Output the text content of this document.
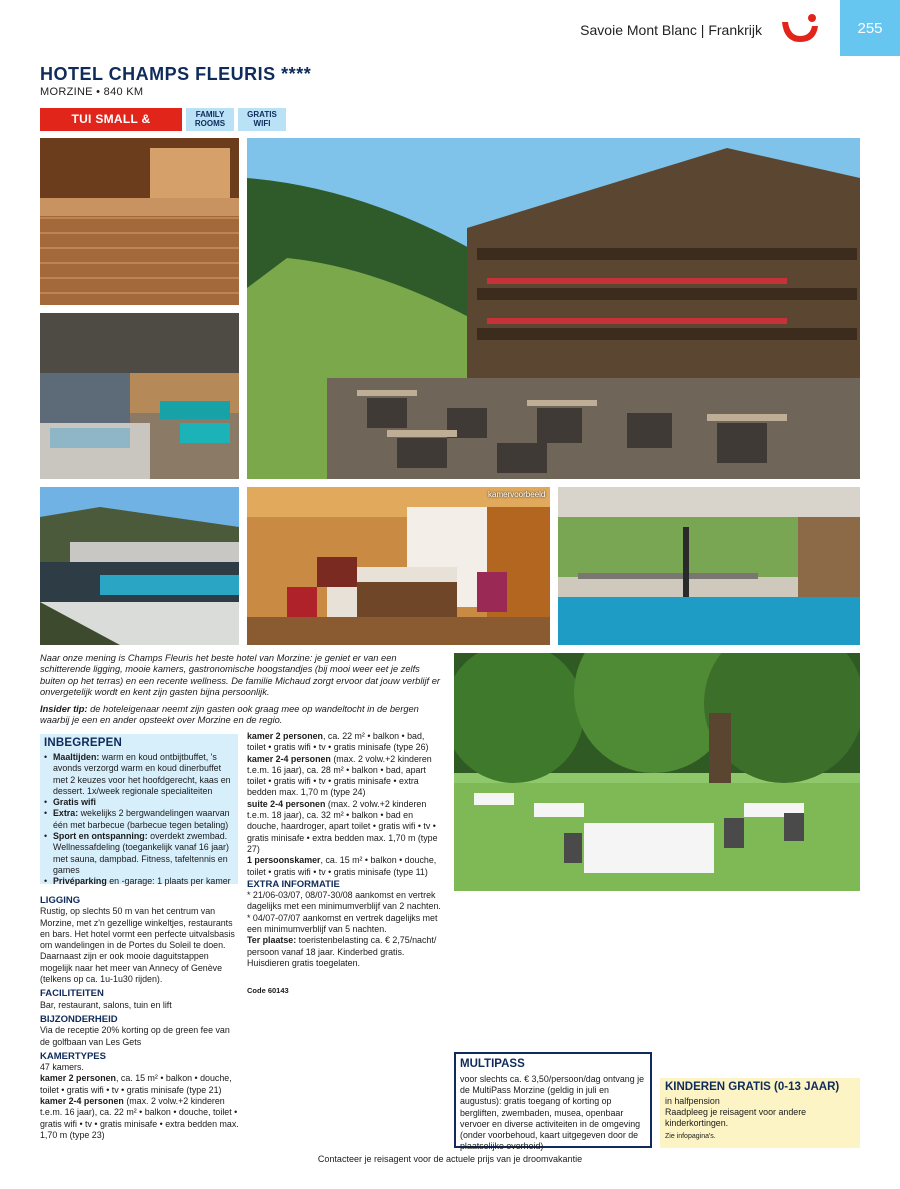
Savoie Mont Blanc | Frankrijk	255
HOTEL CHAMPS FLEURIS ****
MORZINE • 840 KM
TUI SMALL &	FAMILY
ROOMS
GRATIS
WIFI
kamervoorbeeld
Naar onze mening is Champs Fleuris het beste hotel van Morzine: je geniet er van een schitterende ligging, mooie kamers, gastronomische hoogstandjes (bij mooi weer eet je zelfs buiten op het terras) en een recente wellness. De familie Michaud zorgt ervoor dat jouw verblijf er onvergetelijk wordt en kent zijn gasten bijna persoonlijk.
Insider tip: de hoteleigenaar neemt zijn gasten ook graag mee op wandeltocht in de bergen waarbij je een en ander opsteekt over Morzine en de regio.
INBEGREPEN
• Maaltijden: warm en koud ontbijtbuffet, 's avonds verzorgd warm en koud dinerbuffet met 2 keuzes voor het hoofdgerecht, kaas en dessert. 1x/week regionale specialiteiten
• Gratis wifi
• Extra: wekelijks 2 bergwandelingen waarvan één met barbecue (barbecue tegen betaling)
• Sport en ontspanning: overdekt zwembad. Wellnessafdeling (toegankelijk vanaf 16 jaar) met sauna, dampbad. Fitness, tafeltennis en games
• Privéparking en -garage: 1 plaats per kamer
LIGGING
Rustig, op slechts 50 m van het centrum van Morzine, met z'n gezellige winkeltjes, restaurants en bars. Het hotel vormt een perfecte uitvalsbasis om wandelingen in de Portes du Soleil te doen. Daarnaast zijn er ook mooie daguitstappen mogelijk naar het meer van Annecy of Genève (telkens op ca. 1u-1u30 rijden).
FACILITEITEN
Bar, restaurant, salons, tuin en lift
BIJZONDERHEID
Via de receptie 20% korting op de green fee van de golfbaan van Les Gets
KAMERTYPES
47 kamers.
kamer 2 personen, ca. 15 m² • balkon • douche, toilet • gratis wifi • tv • gratis minisafe (type 21)
kamer 2-4 personen (max. 2 volw.+2 kinderen t.e.m. 16 jaar), ca. 22 m² • balkon • douche, toilet • gratis wifi • tv • gratis minisafe • extra bedden max. 1,70 m (type 23)
kamer 2 personen, ca. 22 m² • balkon • bad, toilet • gratis wifi • tv • gratis minisafe (type 26)
kamer 2-4 personen (max. 2 volw.+2 kinderen t.e.m. 16 jaar), ca. 28 m² • balkon • bad, apart toilet • gratis wifi • tv • gratis minisafe • extra bedden max. 1,70 m (type 24)
suite 2-4 personen (max. 2 volw.+2 kinderen t.e.m. 18 jaar), ca. 32 m² • balkon • bad en douche, haardroger, apart toilet • gratis wifi • tv • gratis minisafe • extra bedden max. 1,70 m (type 27)
1 persoonskamer, ca. 15 m² • balkon • douche, toilet • gratis wifi • tv • gratis minisafe (type 11)
EXTRA INFORMATIE
* 21/06-03/07, 08/07-30/08 aankomst en vertrek dagelijks met een minimumverblijf van 2 nachten.
* 04/07-07/07 aankomst en vertrek dagelijks met een minimumverblijf van 5 nachten.
Ter plaatse: toeristenbelasting ca. € 2,75/nacht/ persoon vanaf 18 jaar. Kinderbed gratis. Huisdieren gratis toegelaten.
Code 60143
MULTIPASS
voor slechts ca. € 3,50/persoon/dag ontvang je de MultiPass Morzine (geldig in juli en augustus): gratis toegang of korting op bergliften, zwembaden, musea, openbaar vervoer en diverse activiteiten in de omgeving (onder voorbehoud, kaart uitgegeven door de plaatselijke overheid)
KINDEREN GRATIS (0-13 JAAR)
in halfpension
Raadpleeg je reisagent voor andere kinderkortingen.
Zie infopagina's.
Contacteer je reisagent voor de actuele prijs van je droomvakantie
